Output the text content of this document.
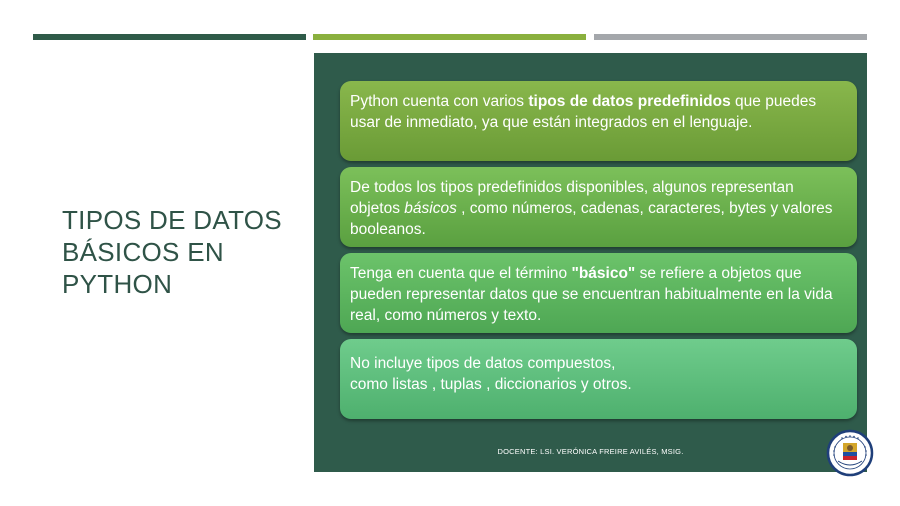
TIPOS DE DATOS
BÁSICOS EN
PYTHON

Python cuenta con varios tipos de datos predefinidos que puedes usar de inmediato, ya que están integrados en el lenguaje.

De todos los tipos predefinidos disponibles, algunos representan objetos básicos , como números, cadenas, caracteres, bytes y valores booleanos.

Tenga en cuenta que el término "básico" se refiere a objetos que pueden representar datos que se encuentran habitualmente en la vida real, como números y texto.

No incluye tipos de datos compuestos,
como listas , tuplas , diccionarios y otros.

DOCENTE: LSI. VERÓNICA FREIRE AVILÉS, MSIG.
